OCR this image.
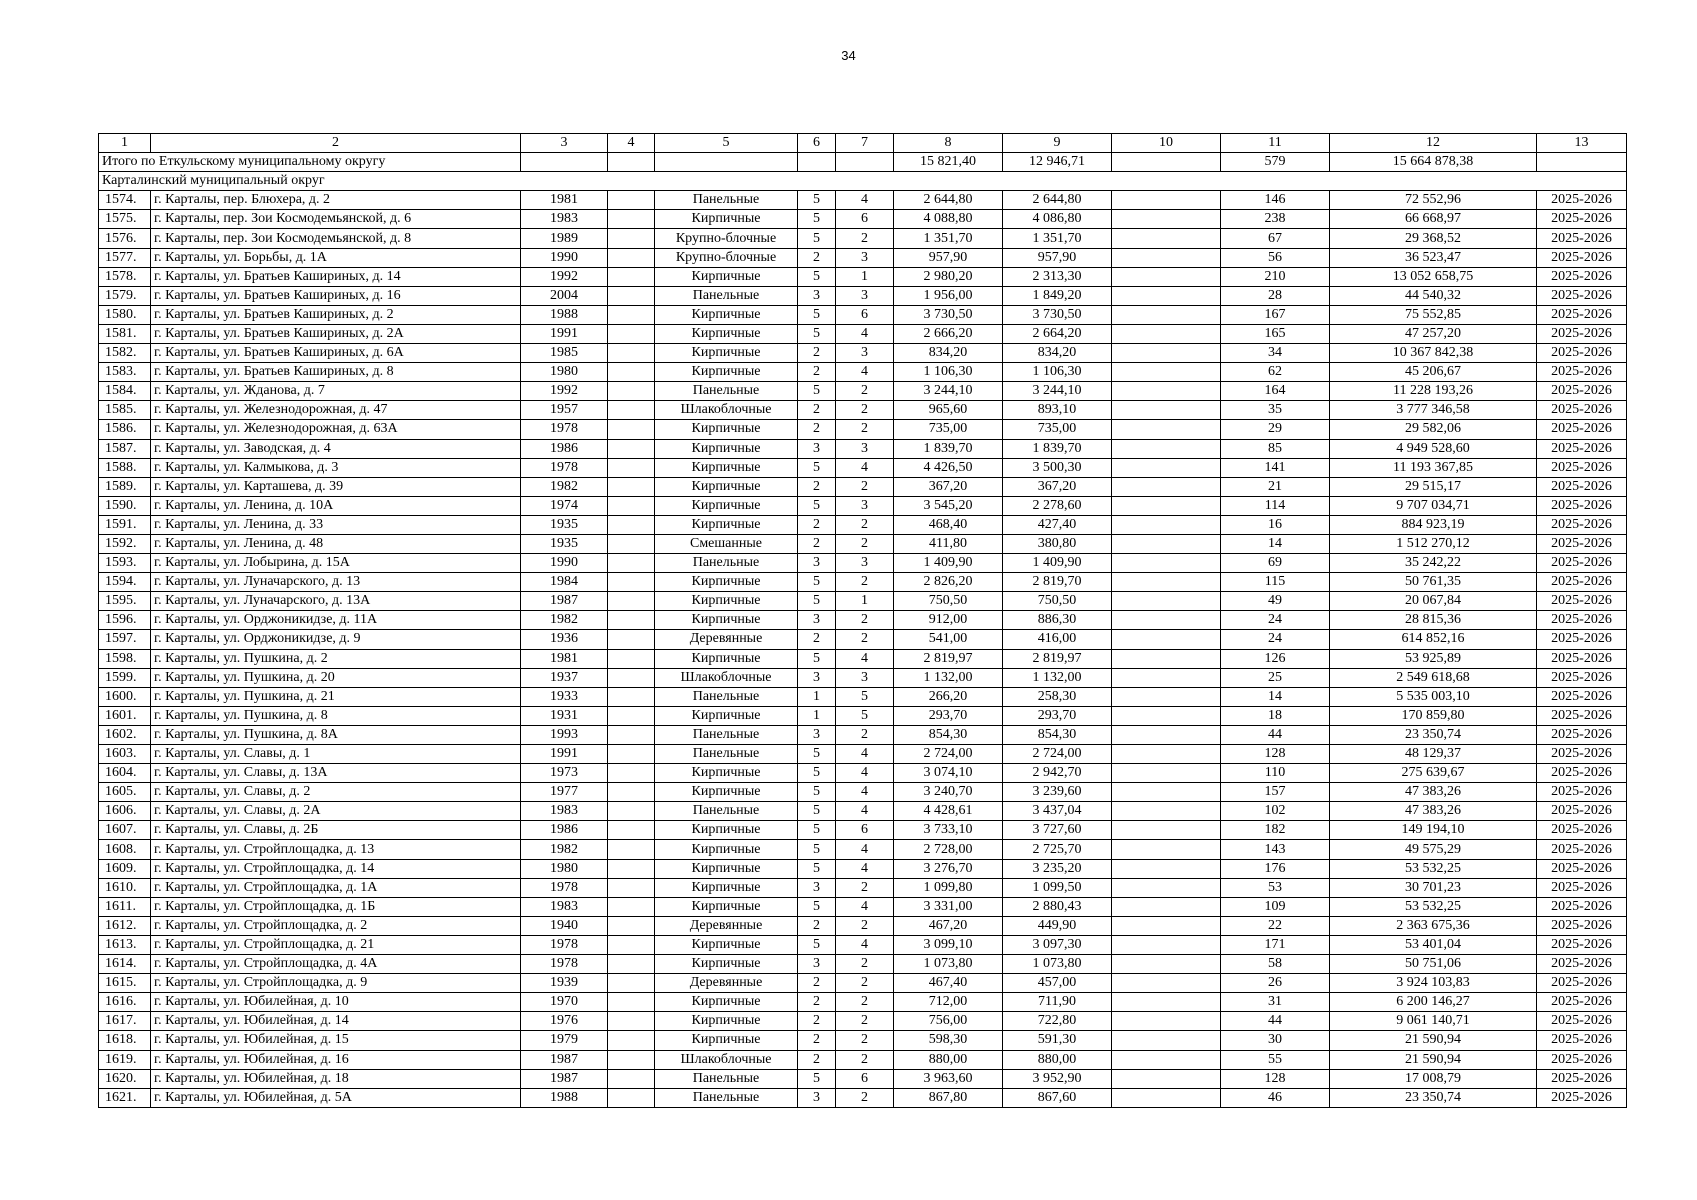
34
1	2	3	4	5	6	7	8	9	10	11	12	13
Итого по Еткульскому муниципальному округу							15 821,40	12 946,71		579	15 664 878,38	
Карталинский муниципальный округ												
1574.	г. Карталы, пер. Блюхера, д. 2	1981		Панельные	5	4	2 644,80	2 644,80		146	72 552,96	2025-2026
1575.	г. Карталы, пер. Зои Космодемьянской, д. 6	1983		Кирпичные	5	6	4 088,80	4 086,80		238	66 668,97	2025-2026
1576.	г. Карталы, пер. Зои Космодемьянской, д. 8	1989		Крупно-блочные	5	2	1 351,70	1 351,70		67	29 368,52	2025-2026
1577.	г. Карталы, ул. Борьбы, д. 1А	1990		Крупно-блочные	2	3	957,90	957,90		56	36 523,47	2025-2026
1578.	г. Карталы, ул. Братьев Кашириных, д. 14	1992		Кирпичные	5	1	2 980,20	2 313,30		210	13 052 658,75	2025-2026
1579.	г. Карталы, ул. Братьев Кашириных, д. 16	2004		Панельные	3	3	1 956,00	1 849,20		28	44 540,32	2025-2026
1580.	г. Карталы, ул. Братьев Кашириных, д. 2	1988		Кирпичные	5	6	3 730,50	3 730,50		167	75 552,85	2025-2026
1581.	г. Карталы, ул. Братьев Кашириных, д. 2А	1991		Кирпичные	5	4	2 666,20	2 664,20		165	47 257,20	2025-2026
1582.	г. Карталы, ул. Братьев Кашириных, д. 6А	1985		Кирпичные	2	3	834,20	834,20		34	10 367 842,38	2025-2026
1583.	г. Карталы, ул. Братьев Кашириных, д. 8	1980		Кирпичные	2	4	1 106,30	1 106,30		62	45 206,67	2025-2026
1584.	г. Карталы, ул. Жданова, д. 7	1992		Панельные	5	2	3 244,10	3 244,10		164	11 228 193,26	2025-2026
1585.	г. Карталы, ул. Железнодорожная, д. 47	1957		Шлакоблочные	2	2	965,60	893,10		35	3 777 346,58	2025-2026
1586.	г. Карталы, ул. Железнодорожная, д. 63А	1978		Кирпичные	2	2	735,00	735,00		29	29 582,06	2025-2026
1587.	г. Карталы, ул. Заводская, д. 4	1986		Кирпичные	3	3	1 839,70	1 839,70		85	4 949 528,60	2025-2026
1588.	г. Карталы, ул. Калмыкова, д. 3	1978		Кирпичные	5	4	4 426,50	3 500,30		141	11 193 367,85	2025-2026
1589.	г. Карталы, ул. Карташева, д. 39	1982		Кирпичные	2	2	367,20	367,20		21	29 515,17	2025-2026
1590.	г. Карталы, ул. Ленина, д. 10А	1974		Кирпичные	5	3	3 545,20	2 278,60		114	9 707 034,71	2025-2026
1591.	г. Карталы, ул. Ленина, д. 33	1935		Кирпичные	2	2	468,40	427,40		16	884 923,19	2025-2026
1592.	г. Карталы, ул. Ленина, д. 48	1935		Смешанные	2	2	411,80	380,80		14	1 512 270,12	2025-2026
1593.	г. Карталы, ул. Лобырина, д. 15А	1990		Панельные	3	3	1 409,90	1 409,90		69	35 242,22	2025-2026
1594.	г. Карталы, ул. Луначарского, д. 13	1984		Кирпичные	5	2	2 826,20	2 819,70		115	50 761,35	2025-2026
1595.	г. Карталы, ул. Луначарского, д. 13А	1987		Кирпичные	5	1	750,50	750,50		49	20 067,84	2025-2026
1596.	г. Карталы, ул. Орджоникидзе, д. 11А	1982		Кирпичные	3	2	912,00	886,30		24	28 815,36	2025-2026
1597.	г. Карталы, ул. Орджоникидзе, д. 9	1936		Деревянные	2	2	541,00	416,00		24	614 852,16	2025-2026
1598.	г. Карталы, ул. Пушкина, д. 2	1981		Кирпичные	5	4	2 819,97	2 819,97		126	53 925,89	2025-2026
1599.	г. Карталы, ул. Пушкина, д. 20	1937		Шлакоблочные	3	3	1 132,00	1 132,00		25	2 549 618,68	2025-2026
1600.	г. Карталы, ул. Пушкина, д. 21	1933		Панельные	1	5	266,20	258,30		14	5 535 003,10	2025-2026
1601.	г. Карталы, ул. Пушкина, д. 8	1931		Кирпичные	1	5	293,70	293,70		18	170 859,80	2025-2026
1602.	г. Карталы, ул. Пушкина, д. 8А	1993		Панельные	3	2	854,30	854,30		44	23 350,74	2025-2026
1603.	г. Карталы, ул. Славы, д. 1	1991		Панельные	5	4	2 724,00	2 724,00		128	48 129,37	2025-2026
1604.	г. Карталы, ул. Славы, д. 13А	1973		Кирпичные	5	4	3 074,10	2 942,70		110	275 639,67	2025-2026
1605.	г. Карталы, ул. Славы, д. 2	1977		Кирпичные	5	4	3 240,70	3 239,60		157	47 383,26	2025-2026
1606.	г. Карталы, ул. Славы, д. 2А	1983		Панельные	5	4	4 428,61	3 437,04		102	47 383,26	2025-2026
1607.	г. Карталы, ул. Славы, д. 2Б	1986		Кирпичные	5	6	3 733,10	3 727,60		182	149 194,10	2025-2026
1608.	г. Карталы, ул. Стройплощадка, д. 13	1982		Кирпичные	5	4	2 728,00	2 725,70		143	49 575,29	2025-2026
1609.	г. Карталы, ул. Стройплощадка, д. 14	1980		Кирпичные	5	4	3 276,70	3 235,20		176	53 532,25	2025-2026
1610.	г. Карталы, ул. Стройплощадка, д. 1А	1978		Кирпичные	3	2	1 099,80	1 099,50		53	30 701,23	2025-2026
1611.	г. Карталы, ул. Стройплощадка, д. 1Б	1983		Кирпичные	5	4	3 331,00	2 880,43		109	53 532,25	2025-2026
1612.	г. Карталы, ул. Стройплощадка, д. 2	1940		Деревянные	2	2	467,20	449,90		22	2 363 675,36	2025-2026
1613.	г. Карталы, ул. Стройплощадка, д. 21	1978		Кирпичные	5	4	3 099,10	3 097,30		171	53 401,04	2025-2026
1614.	г. Карталы, ул. Стройплощадка, д. 4А	1978		Кирпичные	3	2	1 073,80	1 073,80		58	50 751,06	2025-2026
1615.	г. Карталы, ул. Стройплощадка, д. 9	1939		Деревянные	2	2	467,40	457,00		26	3 924 103,83	2025-2026
1616.	г. Карталы, ул. Юбилейная, д. 10	1970		Кирпичные	2	2	712,00	711,90		31	6 200 146,27	2025-2026
1617.	г. Карталы, ул. Юбилейная, д. 14	1976		Кирпичные	2	2	756,00	722,80		44	9 061 140,71	2025-2026
1618.	г. Карталы, ул. Юбилейная, д. 15	1979		Кирпичные	2	2	598,30	591,30		30	21 590,94	2025-2026
1619.	г. Карталы, ул. Юбилейная, д. 16	1987		Шлакоблочные	2	2	880,00	880,00		55	21 590,94	2025-2026
1620.	г. Карталы, ул. Юбилейная, д. 18	1987		Панельные	5	6	3 963,60	3 952,90		128	17 008,79	2025-2026
1621.	г. Карталы, ул. Юбилейная, д. 5А	1988		Панельные	3	2	867,80	867,60		46	23 350,74	2025-2026
